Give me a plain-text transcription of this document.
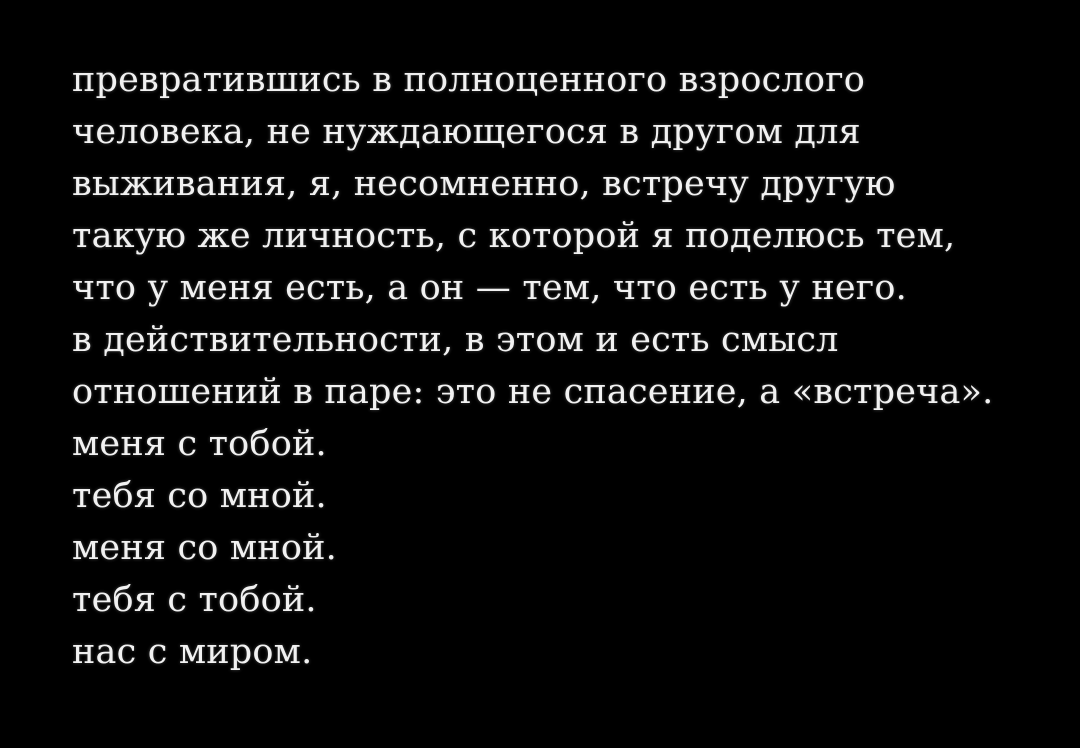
превратившись в полноценного взрослого
человека, не нуждающегося в другом для
выживания, я, несомненно, встречу другую
такую же личность, с которой я поделюсь тем,
что у меня есть, а он — тем, что есть у него.
в действительности, в этом и есть смысл
отношений в паре: это не спасение, а «встреча».
меня с тобой.
тебя со мной.
меня со мной.
тебя с тобой.
нас с миром.
